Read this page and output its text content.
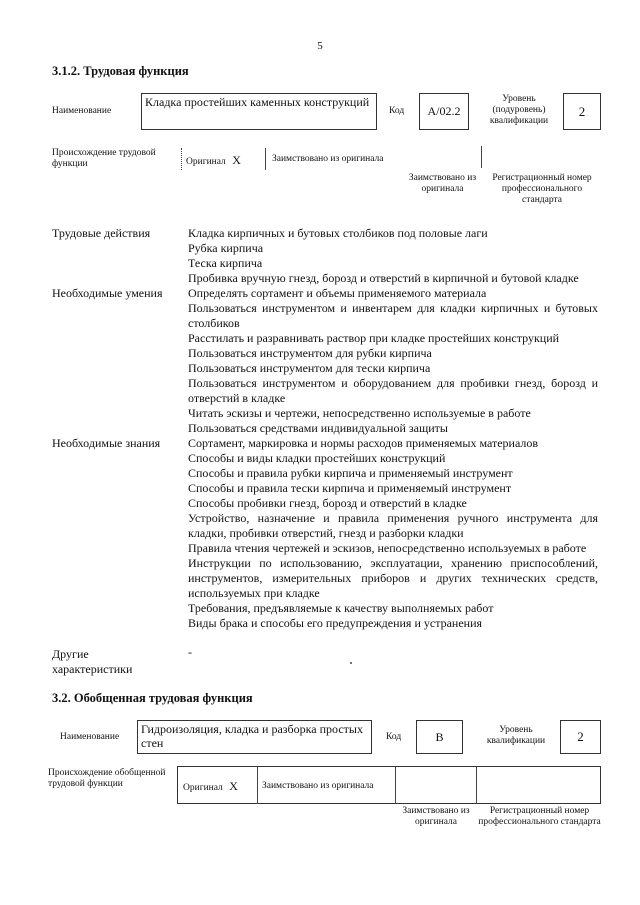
5
3.1.2. Трудовая функция
Наименование
Кладка простейших каменных конструкций
Код	A/02.2
Уровень (подуровень) квалификации
2
Происхождение трудовой функции	Оригинал X	Заимствовано из оригинала
Заимствовано из оригинала
Регистрационный номер профессионального стандарта
Трудовые действия	Кладка кирпичных и бутовых столбиков под половые лаги
Рубка кирпича
Теска кирпича
Пробивка вручную гнезд, борозд и отверстий в кирпичной и бутовой кладке
Необходимые умения	Определять сортамент и объемы применяемого материала
Пользоваться инструментом и инвентарем для кладки кирпичных и бутовых столбиков
Расстилать и разравнивать раствор при кладке простейших конструкций
Пользоваться инструментом для рубки кирпича
Пользоваться инструментом для тески кирпича
Пользоваться инструментом и оборудованием для пробивки гнезд, борозд и отверстий в кладке
Читать эскизы и чертежи, непосредственно используемые в работе
Пользоваться средствами индивидуальной защиты
Необходимые знания	Сортамент, маркировка и нормы расходов применяемых материалов
Способы и виды кладки простейших конструкций
Способы и правила рубки кирпича и применяемый инструмент
Способы и правила тески кирпича и применяемый инструмент
Способы пробивки гнезд, борозд и отверстий в кладке
Устройство, назначение и правила применения ручного инструмента для кладки, пробивки отверстий, гнезд и разборки кладки
Правила чтения чертежей и эскизов, непосредственно используемых в работе
Инструкции по использованию, эксплуатации, хранению приспособлений, инструментов, измерительных приборов и других технических средств, используемых при кладке
Требования, предъявляемые к качеству выполняемых работ
Виды брака и способы его предупреждения и устранения
Другие характеристики
-
3.2. Обобщенная трудовая функция
Наименование
Гидроизоляция, кладка и разборка простых стен	Код	B	Уровень квалификации	2
Происхождение обобщенной трудовой функции	Оригинал X	Заимствовано из оригинала
Заимствовано из оригинала
Регистрационный номер профессионального стандарта
